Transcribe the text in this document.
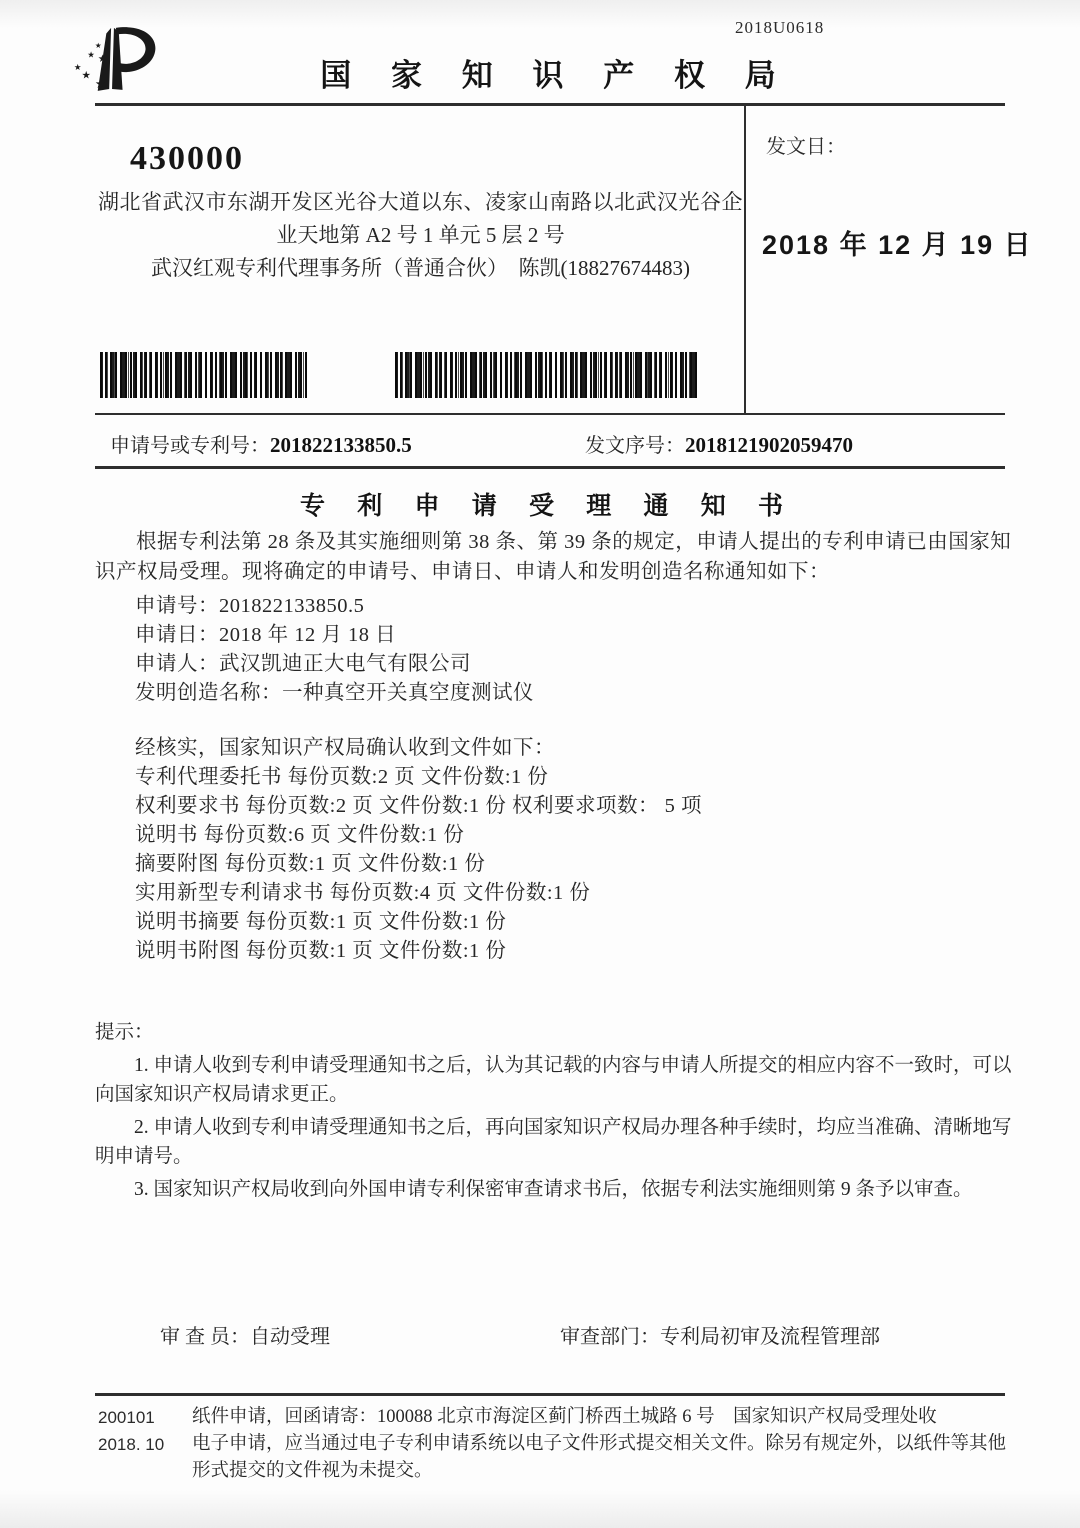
★
★ ★
★
★
★
2018U0618
国 家 知 识 产 权 局
430000
湖北省武汉市东湖开发区光谷大道以东、凌家山南路以北武汉光谷企
业天地第 A2 号 1 单元 5 层 2 号
武汉红观专利代理事务所（普通合伙）　陈凯(18827674483)
发文日：
2018 年 12 月 19 日
申请号或专利号：201822133850.5	发文序号：2018121902059470
专 利 申 请 受 理 通 知 书
根据专利法第 28 条及其实施细则第 38 条、第 39 条的规定，申请人提出的专利申请已由国家知识产权局受理。现将确定的申请号、申请日、申请人和发明创造名称通知如下：
申请号：201822133850.5
申请日：2018 年 12 月 18 日
申请人：武汉凯迪正大电气有限公司
发明创造名称：一种真空开关真空度测试仪
经核实，国家知识产权局确认收到文件如下：
专利代理委托书 每份页数:2 页 文件份数:1 份
权利要求书 每份页数:2 页 文件份数:1 份 权利要求项数： 5 项
说明书 每份页数:6 页 文件份数:1 份
摘要附图 每份页数:1 页 文件份数:1 份
实用新型专利请求书 每份页数:4 页 文件份数:1 份
说明书摘要 每份页数:1 页 文件份数:1 份
说明书附图 每份页数:1 页 文件份数:1 份
提示：
1. 申请人收到专利申请受理通知书之后，认为其记载的内容与申请人所提交的相应内容不一致时，可以向国家知识产权局请求更正。
2. 申请人收到专利申请受理通知书之后，再向国家知识产权局办理各种手续时，均应当准确、清晰地写明申请号。
3. 国家知识产权局收到向外国申请专利保密审查请求书后，依据专利法实施细则第 9 条予以审查。
审 查 员：自动受理	审查部门：专利局初审及流程管理部
200101
2018. 10
纸件申请，回函请寄：100088 北京市海淀区蓟门桥西土城路 6 号　国家知识产权局受理处收
电子申请，应当通过电子专利申请系统以电子文件形式提交相关文件。除另有规定外，以纸件等其他形式提交的文件视为未提交。
